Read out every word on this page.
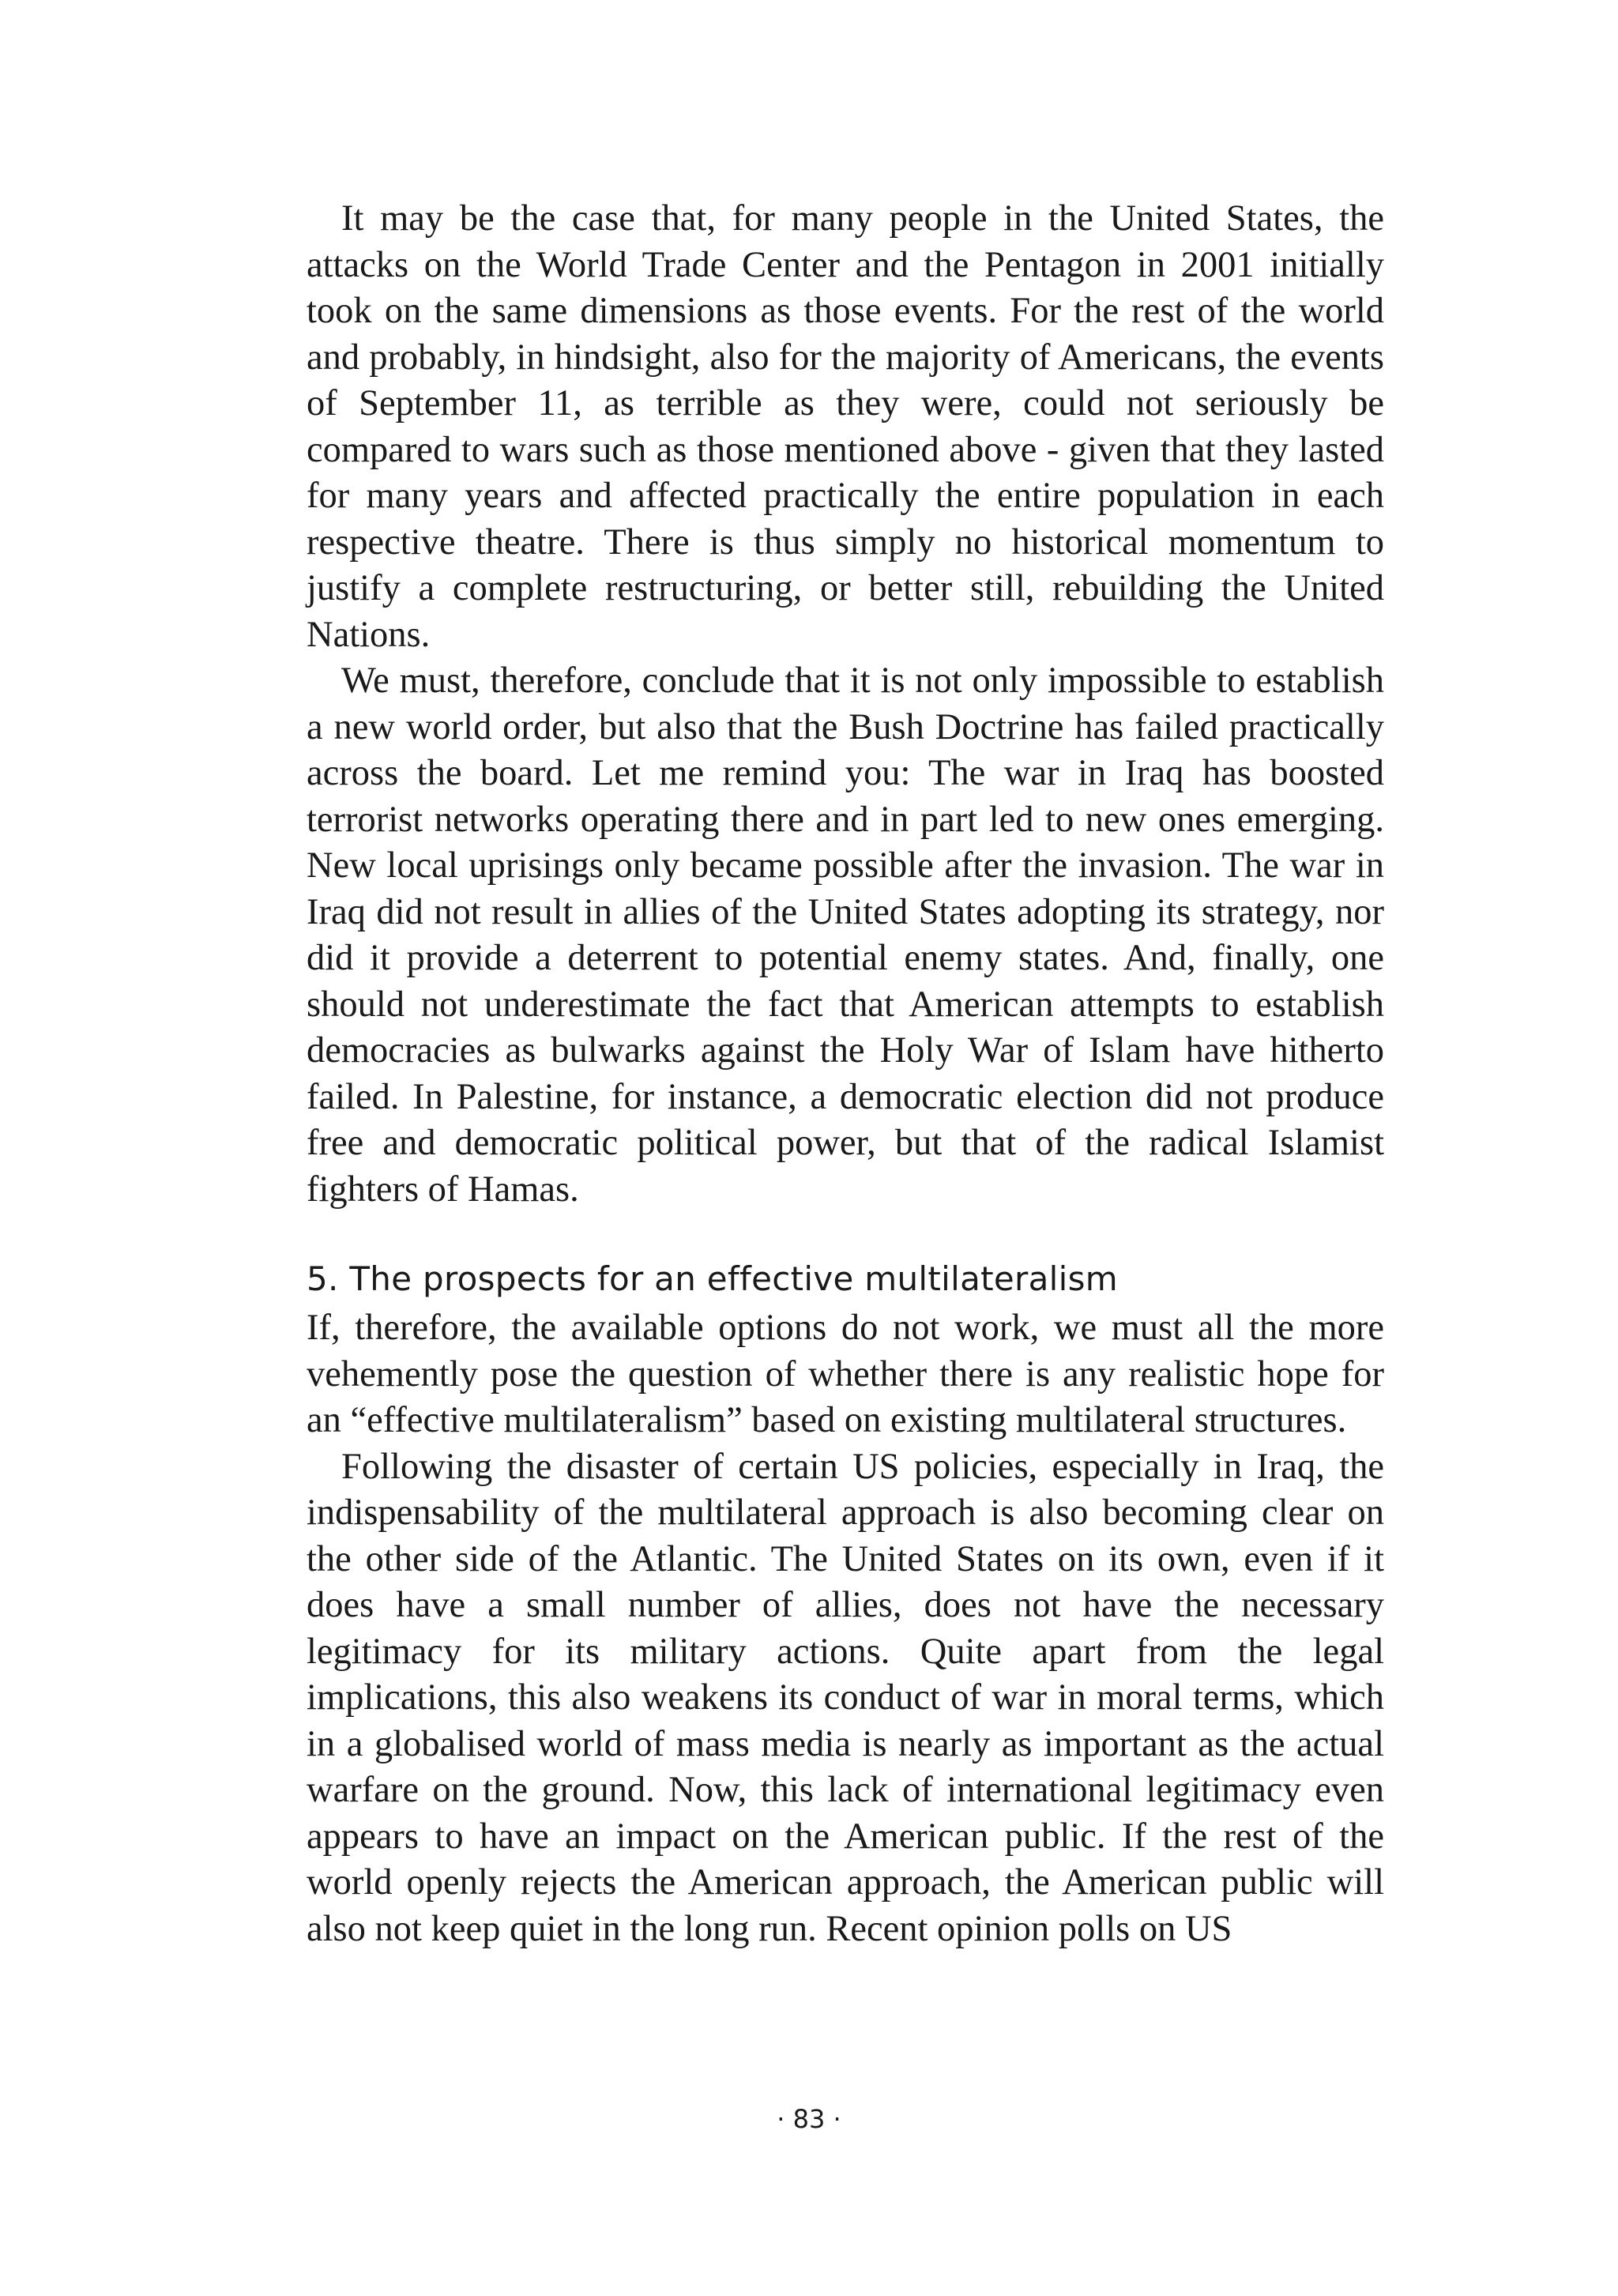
It may be the case that, for many people in the United States, the attacks on the World Trade Center and the Pentagon in 2001 initially took on the same dimensions as those events. For the rest of the world and probably, in hindsight, also for the majority of Americans, the events of September 11, as terrible as they were, could not seriously be compared to wars such as those mentioned above - given that they lasted for many years and affected practically the entire population in each respective theatre. There is thus simply no historical momentum to justify a complete restructuring, or better still, rebuilding the United Nations.

We must, therefore, conclude that it is not only impossible to establish a new world order, but also that the Bush Doctrine has failed practically across the board. Let me remind you: The war in Iraq has boosted terrorist networks operating there and in part led to new ones emerging. New local uprisings only became possible after the invasion. The war in Iraq did not result in allies of the United States adopting its strategy, nor did it provide a deterrent to potential enemy states. And, finally, one should not underestimate the fact that American attempts to establish democracies as bulwarks against the Holy War of Islam have hitherto failed. In Palestine, for instance, a democratic election did not produce free and democratic political power, but that of the radical Islamist fighters of Hamas.

5. The prospects for an effective multilateralism

If, therefore, the available options do not work, we must all the more vehemently pose the question of whether there is any realistic hope for an “effective multilateralism” based on existing multilateral structures.

Following the disaster of certain US policies, especially in Iraq, the indispensability of the multilateral approach is also becoming clear on the other side of the Atlantic. The United States on its own, even if it does have a small number of allies, does not have the necessary legitimacy for its military actions. Quite apart from the legal implications, this also weakens its conduct of war in moral terms, which in a globalised world of mass media is nearly as important as the actual warfare on the ground. Now, this lack of international legitimacy even appears to have an impact on the American public. If the rest of the world openly rejects the American approach, the American public will also not keep quiet in the long run. Recent opinion polls on US

· 83 ·
